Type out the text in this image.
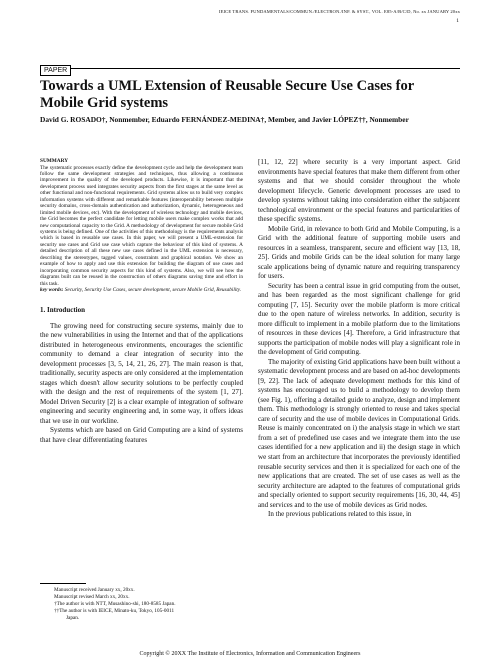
IEICE TRANS. FUNDAMENTALS/COMMUN./ELECTRON./INF. & SYST., VOL. E85-A/B/C/D, No. xx JANUARY 20xx
1
PAPER
Towards a UML Extension of Reusable Secure Use Cases for Mobile Grid systems
David G. ROSADO†, Nonmember, Eduardo FERNÁNDEZ-MEDINA†, Member, and Javier LÓPEZ††, Nonmember
SUMMARY

The systematic processes exactly define the development cycle and help the development team follow the same development strategies and techniques, thus allowing a continuous improvement in the quality of the developed products. Likewise, it is important that the development process used integrates security aspects from the first stages at the same level as other functional and non-functional requirements. Grid systems allow us to build very complex information systems with different and remarkable features (interoperability between multiple security domains, cross-domain authentication and authorization, dynamic, heterogeneous and limited mobile devices, etc). With the development of wireless technology and mobile devices, the Grid becomes the perfect candidate for letting mobile users make complex works that add new computational capacity to the Grid. A methodology of development for secure mobile Grid systems is being defined. One of the activities of this methodology is the requirements analysis which is based in reusable use cases. In this paper, we will present a UML-extension for security use cases and Grid use case which capture the behaviour of this kind of systems. A detailed description of all these new use cases defined in the UML extension is necessary, describing the stereotypes, tagged values, constraints and graphical notation. We show an example of how to apply and use this extension for building the diagram of use cases and incorporating common security aspects for this kind of systems. Also, we will see how the diagrams built can be reused in the construction of others diagrams saving time and effort in this task.

key words: Security, Security Use Cases, secure development, secure Mobile Grid, Reusability.

1. Introduction

The growing need for constructing secure systems, mainly due to the new vulnerabilities in using the Internet and that of the applications distributed in heterogeneous environments, encourages the scientific community to demand a clear integration of security into the development processes [3, 5, 14, 21, 26, 27]. The main reason is that, traditionally, security aspects are only considered at the implementation stages which doesn't allow security solutions to be perfectly coupled with the design and the rest of requirements of the system [1, 27]. Model Driven Security [2] is a clear example of integration of software engineering and security engineering and, in some way, it offers ideas that we use in our workline.

Systems which are based on Grid Computing are a kind of systems that have clear differentiating features

Manuscript received January xx, 20xx.

Manuscript revised March xx, 20xx.

†The author is with NTT, Musashino-shi, 180-8585 Japan.

††The author is with IEICE, Minato-ku, Tokyo, 105-0011

Japan.

[11, 12, 22] where security is a very important aspect. Grid environments have special features that make them different from other systems and that we should consider throughout the whole development lifecycle. Generic development processes are used to develop systems without taking into consideration either the subjacent technological environment or the special features and particularities of these specific systems.

Mobile Grid, in relevance to both Grid and Mobile Computing, is a Grid with the additional feature of supporting mobile users and resources in a seamless, transparent, secure and efficient way [13, 18, 25]. Grids and mobile Grids can be the ideal solution for many large scale applications being of dynamic nature and requiring transparency for users.

Security has been a central issue in grid computing from the outset, and has been regarded as the most significant challenge for grid computing [7, 15]. Security over the mobile platform is more critical due to the open nature of wireless networks. In addition, security is more difficult to implement in a mobile platform due to the limitations of resources in these devices [4]. Therefore, a Grid infrastructure that supports the participation of mobile nodes will play a significant role in the development of Grid computing.

The majority of existing Grid applications have been built without a systematic development process and are based on ad-hoc developments [9, 22]. The lack of adequate development methods for this kind of systems has encouraged us to build a methodology to develop them (see Fig. 1), offering a detailed guide to analyze, design and implement them. This methodology is strongly oriented to reuse and takes special care of security and the use of mobile devices in Computational Grids. Reuse is mainly concentrated on i) the analysis stage in which we start from a set of predefined use cases and we integrate them into the use cases identified for a new application and ii) the design stage in which we start from an architecture that incorporates the previously identified reusable security services and then it is specialized for each one of the new applications that are created. The set of use cases as well as the security architecture are adapted to the features of computational grids and specially oriented to support security requirements [16, 30, 44, 45] and services and to the use of mobile devices as Grid nodes.

In the previous publications related to this issue, in

Copyright © 20XX The Institute of Electronics, Information and Communication Engineers
